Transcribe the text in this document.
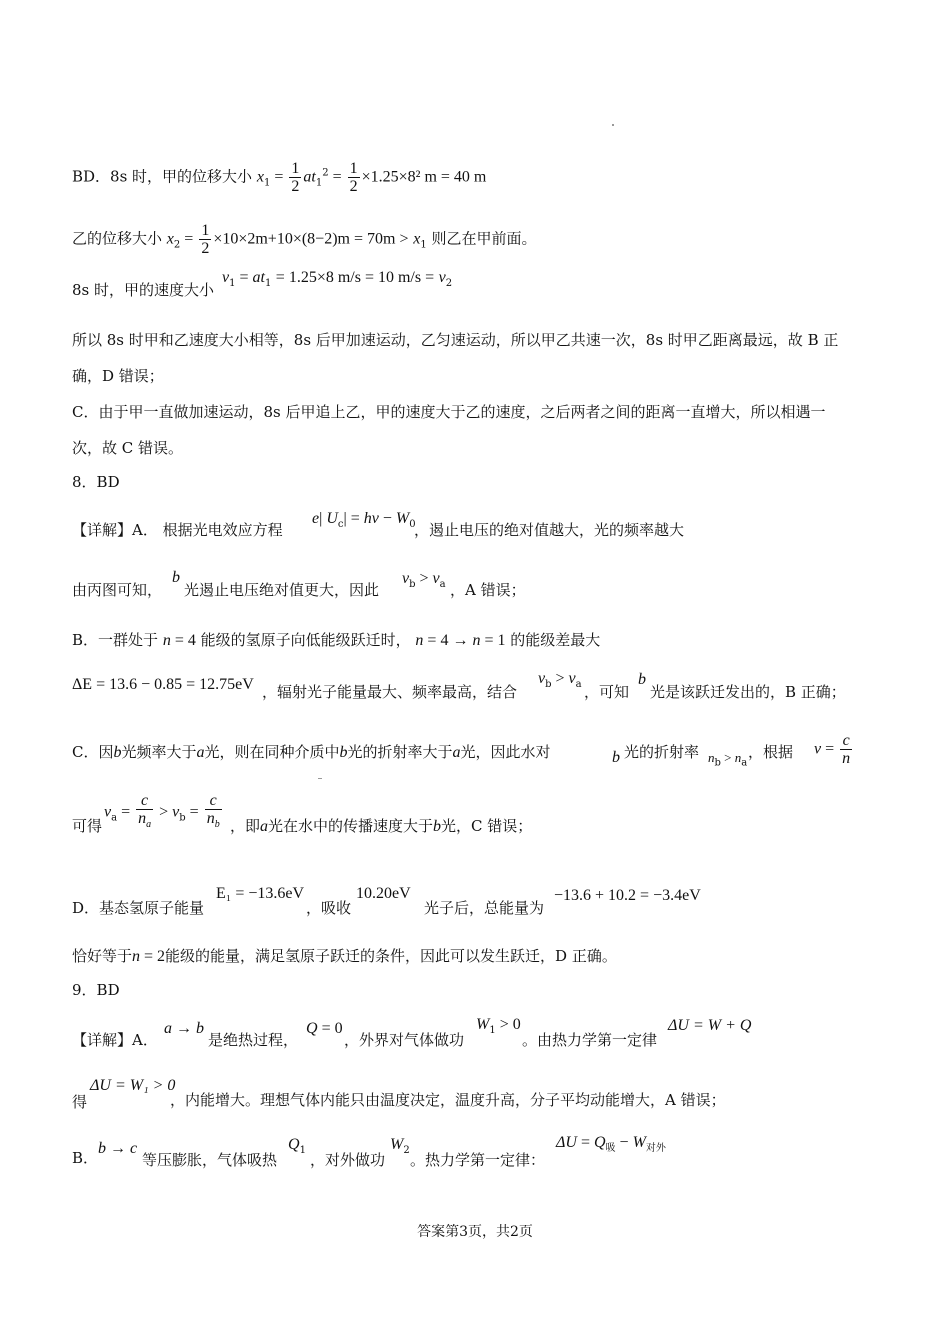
BD．8s 时，甲的位移大小 $x_1 = \frac{1}{2} at_1^2 = \frac{1}{2} \times 1.25\times 8^2$ m = 40 m
乙的位移大小 $x_2 = \frac{1}{2} \times 10\times 2m+10\times(8-2)m = 70m > x_1$ 则乙在甲前面。
8s 时，甲的速度大小
$v_1 = at_1 = 1.25\times 8$ m/s = 10 $m/s = v_2$
所以 8s 时甲和乙速度大小相等，8s 后甲加速运动，乙匀速运动，所以甲乙共速一次，8s 时甲乙距离最远，故 B 正
确，D 错误；
C．由于甲一直做加速运动，8s 后甲追上乙，甲的速度大于乙的速度，之后两者之间的距离一直增大，所以相遇一
次，故 C 错误。
8．BD
【详解】A． 根据光电效应方程
e| $U_c| = h\nu - W_0$
，遏止电压的绝对值越大，光的频率越大
由丙图可知，
b
光遏止电压绝对值更大，因此
$\nu_b > \nu_a$ ，A 错误；
B．一群处于 n = 4 能级的氢原子向低能级跃迁时， n = 4 → n = 1 的能级差最大
ΔE = 13.6 − 0.85 = 12.75eV ，辐射光子能量最大、频率最高，结合
$\nu_b > \nu_a$ ，可知
b
光是该跃迁发出的，B 正确；
C．因b光频率大于a光，则在同种介质中b光的折射率大于a光，因此水对	b 光的折射率 $n_b > n_a$
，根据 $v = \frac{c}{n}$
可得
$v_a = \frac{c}{n_a} > v_b = \frac{c}{n_b}$ ，即a光在水中的传播速度大于b光，C 错误；
D．基态氢原子能量
E₁ = −13.6eV
，吸收
10.20eV
光子后，总能量为
−13.6 + 10.2 = −3.4eV
恰好等于n = 2能级的能量，满足氢原子跃迁的条件，因此可以发生跃迁，D 正确。
9．BD
【详解】A．
a → b
是绝热过程，
Q = 0
，外界对气体做功
$W_1 > 0$
。由热力学第一定律
ΔU = W + Q
ΔU = W₁ > 0
得	，内能增大。理想气体内能只由温度决定，温度升高，分子平均动能增大，A 错误；
B．
b → c
等压膨胀，气体吸热
$Q_1$
，对外做功
$W_2$
。热力学第一定律：
$\Delta U = Q_吸 - W_{对外}$
答案第3页，共2页
